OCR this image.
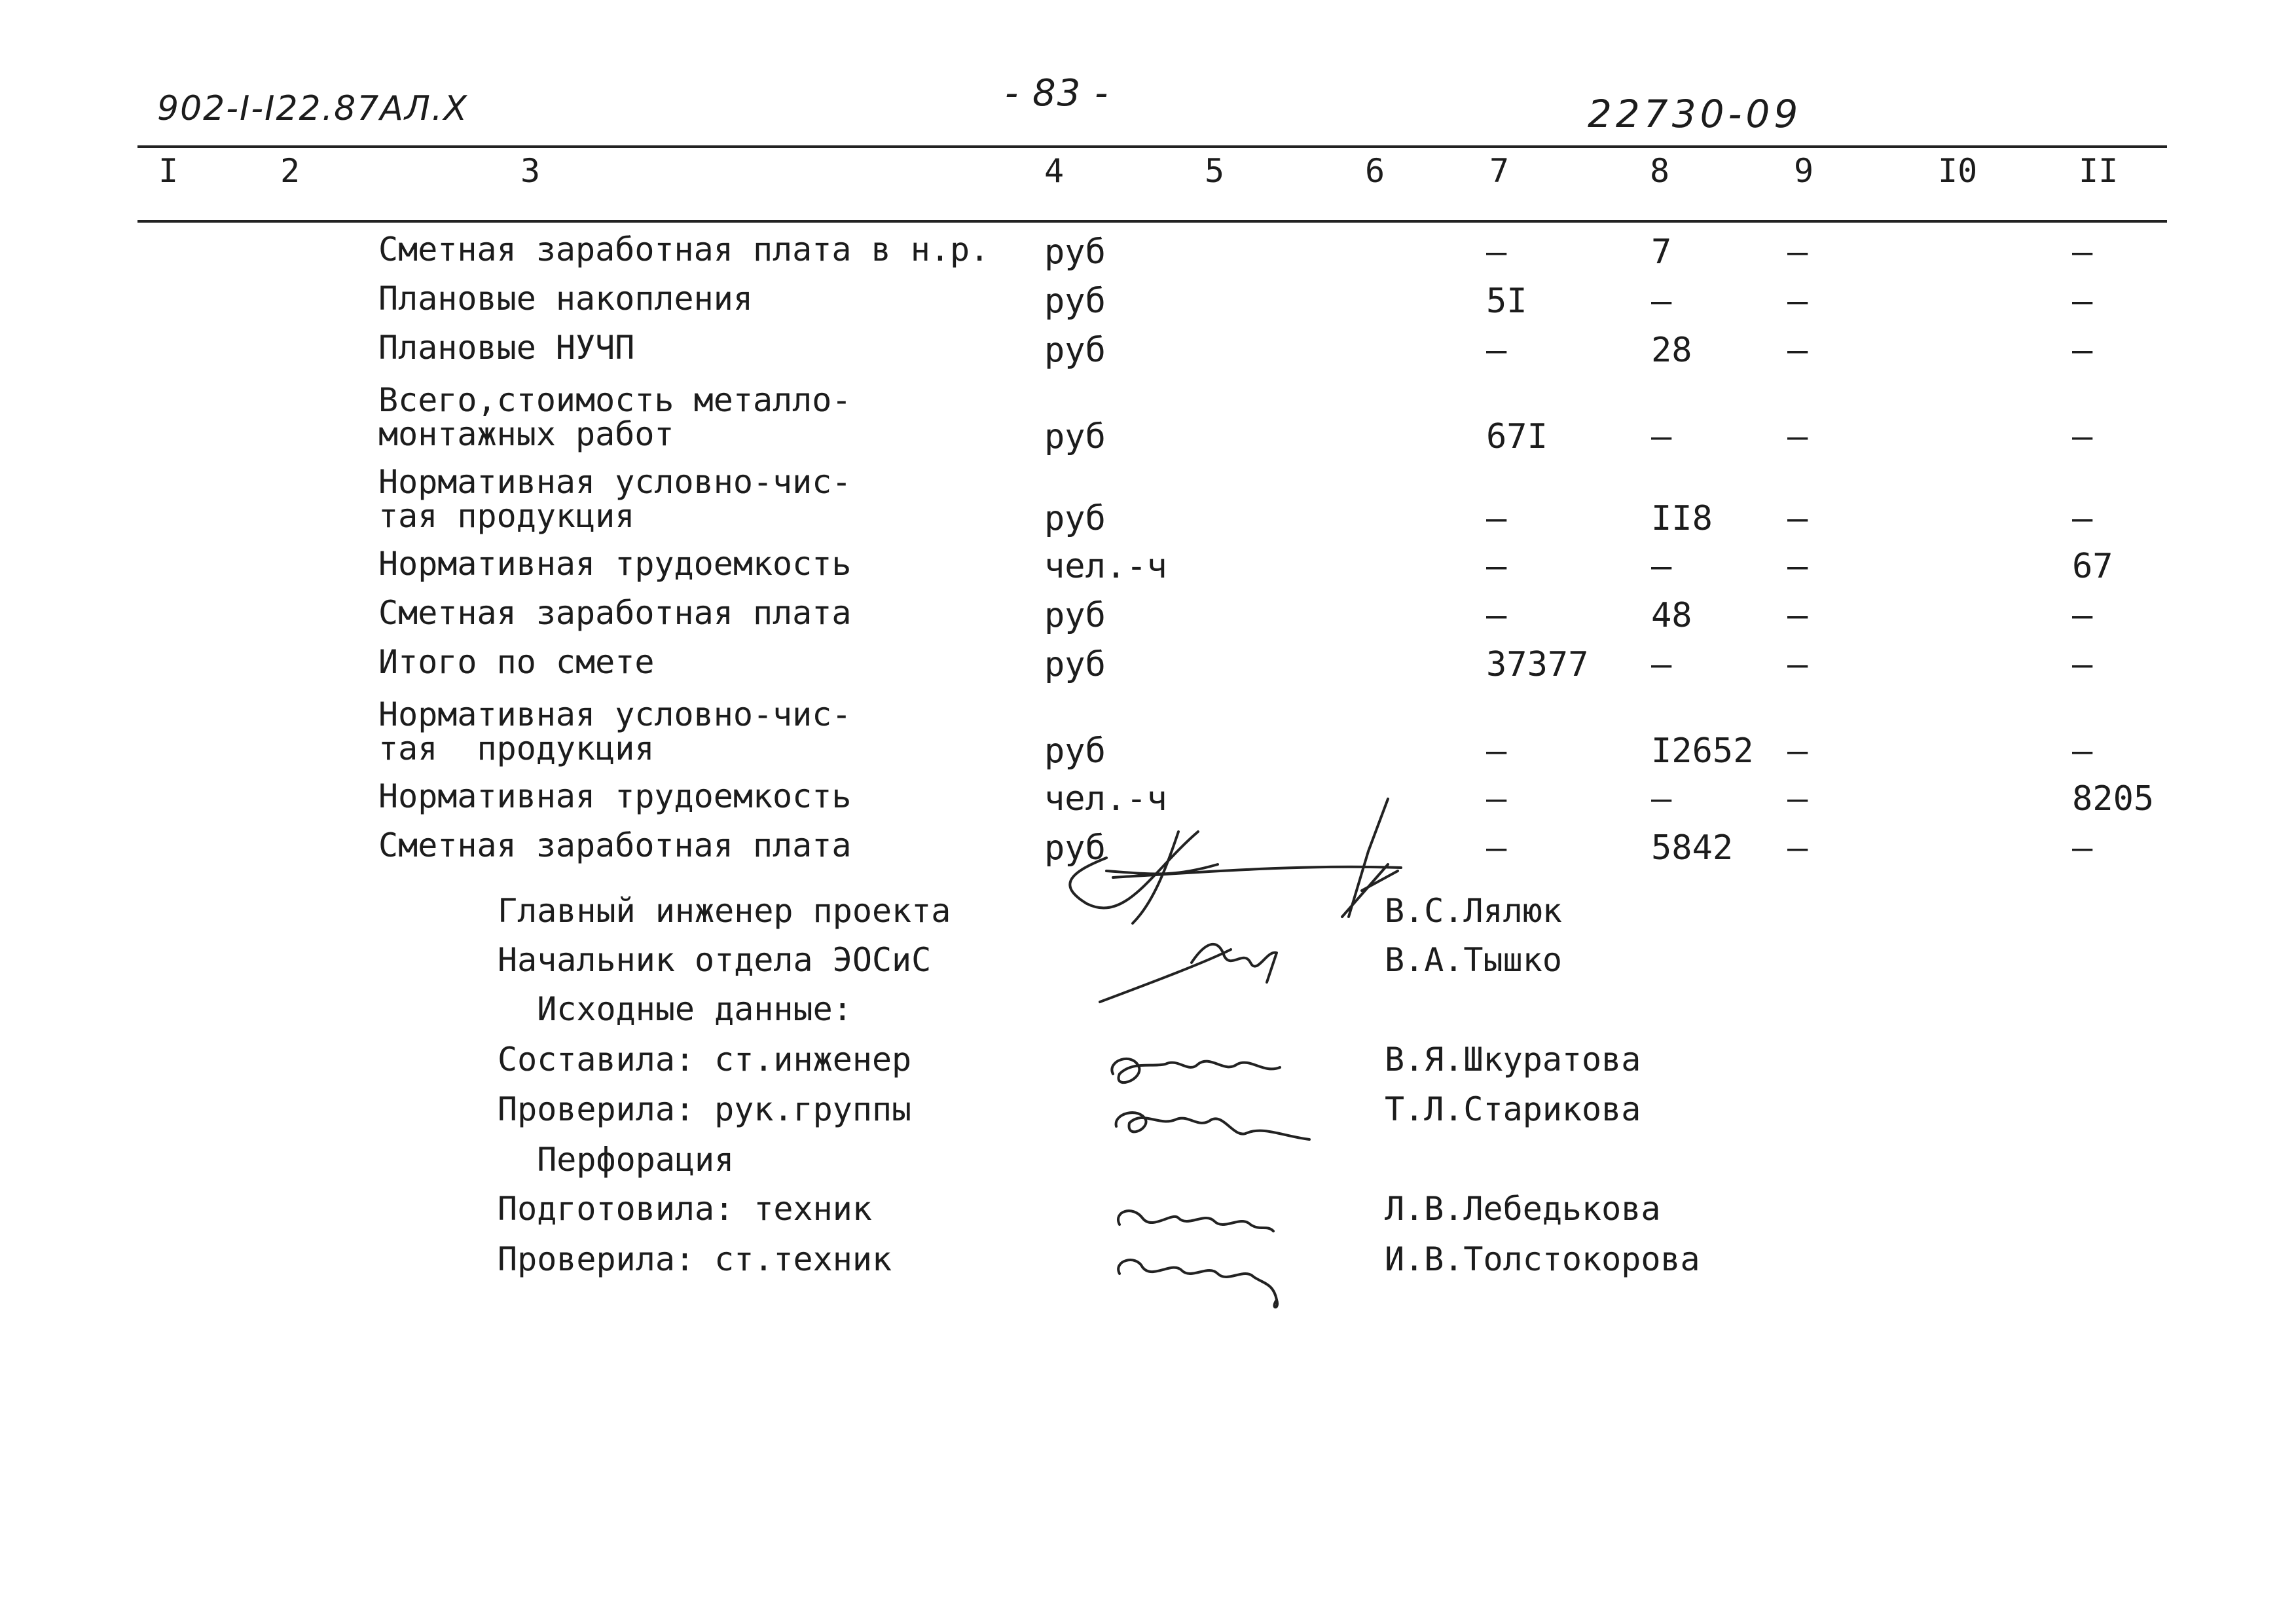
902-I-I22.87АЛ.X	- 83 -	22730-09
I	2	3	4	5	6	7	8	9	I0	II
Сметная заработная плата в н.р. руб	–	7	–	–
Плановые накопления	руб	5I	–	–	–
Плановые НУЧП	руб	–	28	–	–
Всего,стоимость металло-
монтажных работ	руб	67I	–	–	–
Нормативная условно-чис-
тая продукция	руб	–	II8 –	–
Нормативная трудоемкость	чел.-ч	–	–	–	67
Сметная заработная плата	руб	–	48	–	–
Итого по смете	руб	37377 –	–	–
Нормативная условно-чис-
тая  продукция	руб	–	I2652 –	–
Нормативная трудоемкость	чел.-ч	–	–	–	8205
Сметная заработная плата	руб	–	5842 –	–
Главный инженер проекта	В.С.Лялюк
Начальник отдела ЭОСиС	В.А.Тышко
Исходные данные:
Составила: ст.инженер	В.Я.Шкуратова
Проверила: рук.группы	Т.Л.Старикова
Перфорация
Подготовила: техник	Л.В.Лебедькова
Проверила: ст.техник	И.В.Толстокорова
